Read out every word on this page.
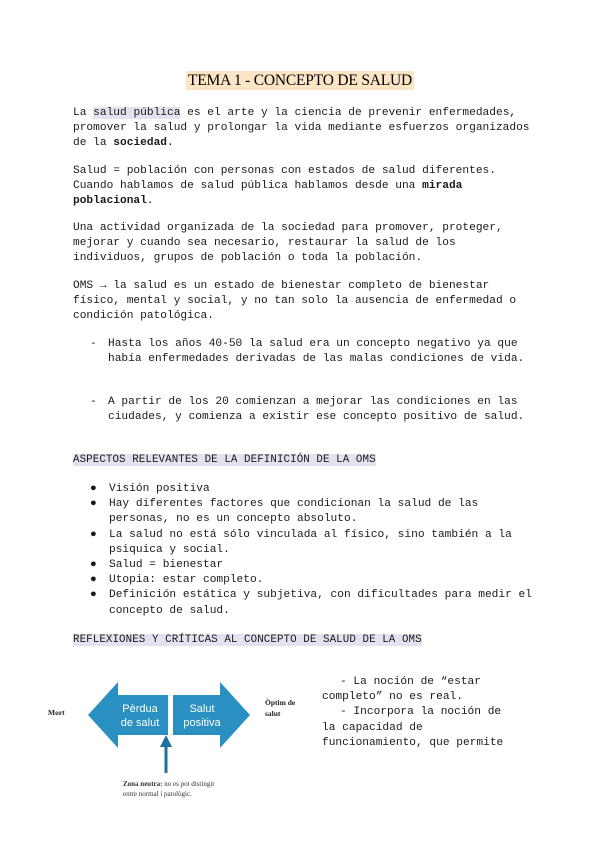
TEMA 1 - CONCEPTO DE SALUD

La salud pública es el arte y la ciencia de prevenir enfermedades, promover la salud y prolongar la vida mediante esfuerzos organizados de la sociedad.

Salud = población con personas con estados de salud diferentes. Cuando hablamos de salud pública hablamos desde una mirada poblacional.

Una actividad organizada de la sociedad para promover, proteger, mejorar y cuando sea necesario, restaurar la salud de los individuos, grupos de población o toda la población.

OMS → la salud es un estado de bienestar completo de bienestar físico, mental y social, y no tan solo la ausencia de enfermedad o condición patológica.

- Hasta los años 40-50 la salud era un concepto negativo ya que había enfermedades derivadas de las malas condiciones de vida.
- A partir de los 20 comienzan a mejorar las condiciones en las ciudades, y comienza a existir ese concepto positivo de salud.
ASPECTOS RELEVANTES DE LA DEFINICIÓN DE LA OMS
● Visión positiva
● Hay diferentes factores que condicionan la salud de las personas, no es un concepto absoluto.
● La salud no está sólo vinculada al físico, sino también a la psiquica y social.
● Salud = bienestar
● Utopia: estar completo.
● Definición estática y subjetiva, con dificultades para medir el concepto de salud.
REFLEXIONES Y CRÍTICAS AL CONCEPTO DE SALUD DE LA OMS
Mort	Pèrdua
de salut
Salut
positiva
Òptim de
salut
Zona neutra: no es pot distingir
entre normal i patològic.
- La noción de “estar
completo” no es real.
- Incorpora la noción de
la capacidad de
funcionamiento, que permite
